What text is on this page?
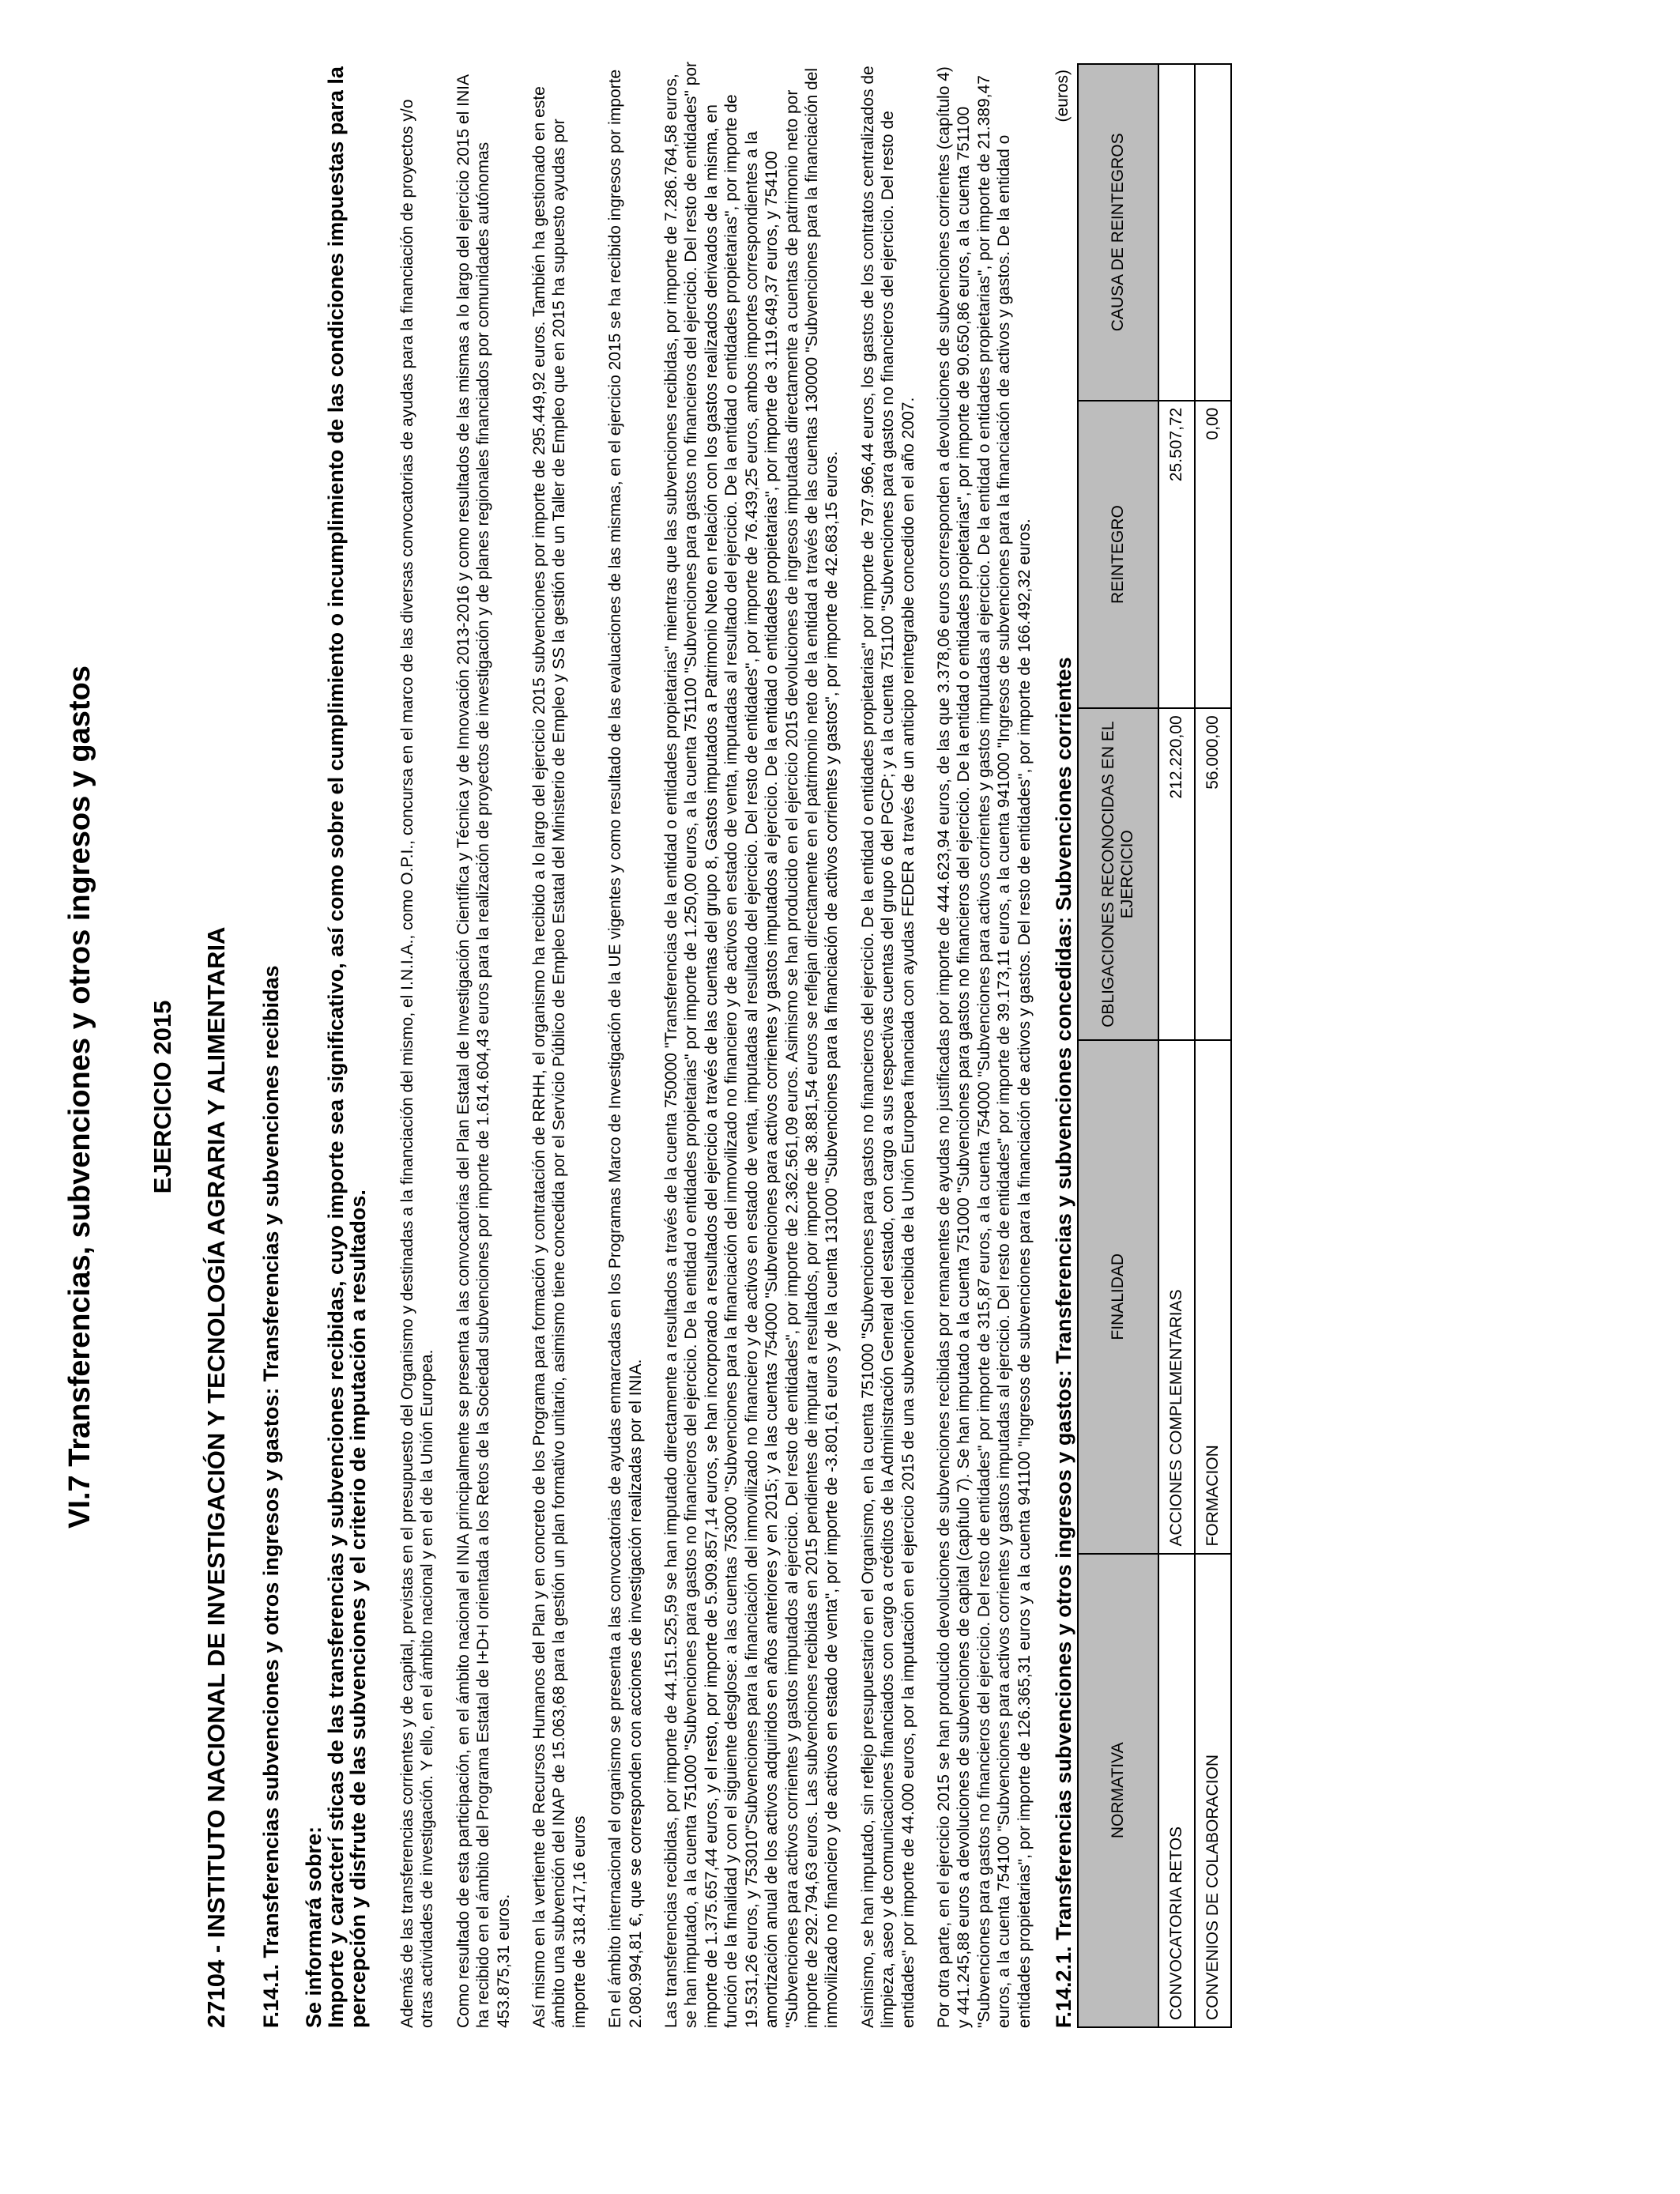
VI.7 Transferencias, subvenciones y otros ingresos y gastos EJERCICIO 2015 27104 - INSTITUTO NACIONAL DE INVESTIGACIÓN Y TECNOLOGÍA AGRARIA Y ALIMENTARIA F.14.1. Transferencias subvenciones y otros ingresos y gastos: Transferencias y subvenciones recibidas Se informará sobre:
Importe y caracterí sticas de las transferencias y subvenciones recibidas, cuyo importe sea significativo, así como sobre el cumplimiento o incumplimiento de las condiciones impuestas para la percepción y disfrute de las subvenciones y el criterio de imputación a resultados. Además de las transferencias corrientes y de capital, previstas en el presupuesto del Organismo y destinadas a la financiación del mismo, el I.N.I.A., como O.P.I., concursa en el marco de las diversas convocatorias de ayudas para la financiación de proyectos y/o otras actividades de investigación. Y ello, en el ámbito nacional y en el de la Unión Europea. Como resultado de esta participación, en el ámbito nacional el INIA principalmente se presenta a las convocatorias del Plan Estatal de Investigación Científica y Técnica y de Innovación 2013-2016 y como resultados de las mismas a lo largo del ejercicio 2015 el INIA ha recibido en el ámbito del Programa Estatal de I+D+I orientada a los Retos de la Sociedad subvenciones por importe de 1.614.604,43 euros para la realización de proyectos de investigación y de planes regionales financiados por comunidades autónomas 453.875,31 euros. Así mismo en la vertiente de Recursos Humanos del Plan y en concreto de los Programa para formación y contratación de RRHH, el organismo ha recibido a lo largo del ejercicio 2015 subvenciones por importe de 295.449,92 euros. También ha gestionado en este ámbito una subvención del INAP de 15.063,68 para la gestión un plan formativo unitario, asimismo tiene concedida por el Servicio Público de Empleo Estatal del Ministerio de Empleo y SS la gestión de un Taller de Empleo que en 2015 ha supuesto ayudas por importe de 318.417,16 euros En el ámbito internacional el organismo se presenta a las convocatorias de ayudas enmarcadas en los Programas Marco de Investigación de la UE vigentes y como resultado de las evaluaciones de las mismas, en el ejercicio 2015 se ha recibido ingresos por importe 2.080.994,81 €, que se corresponden con acciones de investigación realizadas por el INIA. Las transferencias recibidas, por importe de 44.151.525,59 se han imputado directamente a resultados a través de la cuenta 750000 "Transferencias de la entidad o entidades propietarias" mientras que las subvenciones recibidas, por importe de 7.286.764,58 euros, se han imputado, a la cuenta 751000 "Subvenciones para gastos no financieros del ejercicio. De la entidad o entidades propietarias" por importe de 1.250,00 euros, a la cuenta 751100 "Subvenciones para gastos no financieros del ejercicio. Del resto de entidades" por importe de 1.375.657,44 euros, y el resto, por importe de 5.909.857,14 euros, se han incorporado a resultados del ejercicio a través de las cuentas del grupo 8, Gastos imputados a Patrimonio Neto en relación con los gastos realizados derivados de la misma, en función de la finalidad y con el siguiente desglose: a las cuentas 753000 "Subvenciones para la financiación del inmovilizado no financiero y de activos en estado de venta, imputadas al resultado del ejercicio. De la entidad o entidades propietarias", por importe de 19.531,26 euros, y 753010"Subvenciones para la financiación del inmovilizado no financiero y de activos en estado de venta, imputadas al resultado del ejercicio. Del resto de entidades", por importe de 76.439,25 euros, ambos importes correspondientes a la amortización anual de los activos adquiridos en años anteriores y en 2015; y a las cuentas 754000 "Subvenciones para activos corrientes y gastos imputados al ejercicio. De la entidad o entidades propietarias", por importe de 3.119.649,37 euros, y 754100 "Subvenciones para activos corrientes y gastos imputados al ejercicio. Del resto de entidades", por importe de 2.362.561,09 euros. Asimismo se han producido en el ejercicio 2015 devoluciones de ingresos imputadas directamente a cuentas de patrimonio neto por importe de 292.794,63 euros. Las subvenciones recibidas en 2015 pendientes de imputar a resultados, por importe de 38.881,54 euros se reflejan directamente en el patrimonio neto de la entidad a través de las cuentas 130000 "Subvenciones para la financiación del inmovilizado no financiero y de activos en estado de venta", por importe de -3.801,61 euros y de la cuenta 131000 "Subvenciones para la financiación de activos corrientes y gastos", por importe de 42.683,15 euros. Asimismo, se han imputado, sin reflejo presupuestario en el Organismo, en la cuenta 751000 "Subvenciones para gastos no financieros del ejercicio. De la entidad o entidades propietarias" por importe de 797.966,44 euros, los gastos de los contratos centralizados de limpieza, aseo y de comunicaciones financiados con cargo a créditos de la Administración General del estado, con cargo a sus respectivas cuentas del grupo 6 del PGCP; y a la cuenta 751100 "Subvenciones para gastos no financieros del ejercicio. Del resto de entidades" por importe de 44.000 euros, por la imputación en el ejercicio 2015 de una subvención recibida de la Unión Europea financiada con ayudas FEDER a través de un anticipo reintegrable concedido en el año 2007. Por otra parte, en el ejercicio 2015 se han producido devoluciones de subvenciones recibidas por remanentes de ayudas no justificadas por importe de 444.623,94 euros, de las que 3.378,06 euros corresponden a devoluciones de subvenciones corrientes (capítulo 4) y 441.245,88 euros a devoluciones de subvenciones de capital (capítulo 7). Se han imputado a la cuenta 751000 "Subvenciones para gastos no financieros del ejercicio. De la entidad o entidades propietarias", por importe de 90.650,86 euros, a la cuenta 751100 "Subvenciones para gastos no financieros del ejercicio. Del resto de entidades" por importe de 315,87 euros, a la cuenta 754000 "Subvenciones para activos corrientes y gastos imputadas al ejercicio. De la entidad o entidades propietarias", por importe de 21.389,47 euros, a la cuenta 754100 "Subvenciones para activos corrientes y gastos imputadas al ejercicio. Del resto de entidades" por importe de 39.173,11 euros, a la cuenta 941000 "Ingresos de subvenciones para la financiación de activos y gastos. De la entidad o entidades propietarias", por importe de 126.365,31 euros y a la cuenta 941100 "Ingresos de subvenciones para la financiación de activos y gastos. Del resto de entidades", por importe de 166.492,32 euros. F.14.2.1. Transferencias subvenciones y otros ingresos y gastos: Transferencias y subvenciones concedidas: Subvenciones corrientes
(euros)
NORMATIVA	FINALIDAD	OBLIGACIONES RECONOCIDAS EN EL EJERCICIO	REINTEGRO	CAUSA DE REINTEGROS
CONVOCATORIA RETOS	ACCIONES COMPLEMENTARIAS	212.220,00	25.507,72	
CONVENIOS DE COLABORACION	FORMACION	56.000,00	0,00	
